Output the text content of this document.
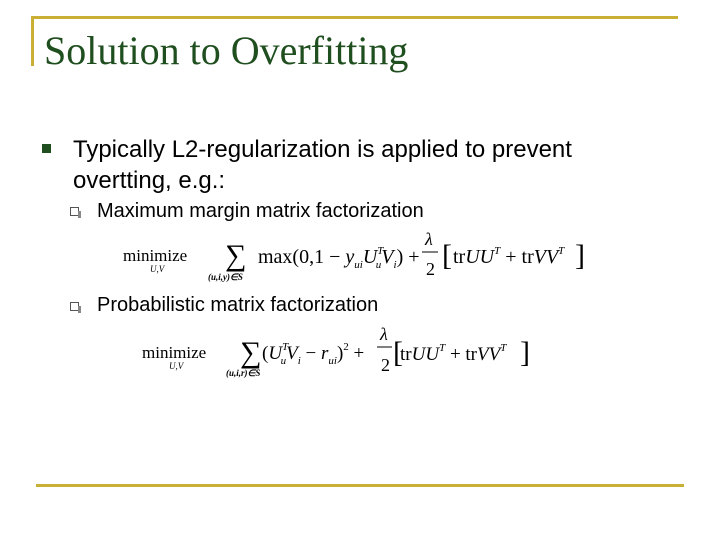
Solution to Overfitting
Typically L2-regularization is applied to prevent
overtting, e.g.:
Maximum margin matrix factorization
minimize
U,V ∑
(u,i,y)∈S
$\max(0,1 - y_{ui}U^T$ $uV_i$) +
λ
2 [ trUU$^T$ + trVV$^T$ ]
Probabilistic matrix factorization
minimize
U,V ∑
(u,i,r)∈S
($U^T$ $uV_i - r_{ui})^2$ +
λ
2 [
trUU$^T$ + trVV$^T$ ]
